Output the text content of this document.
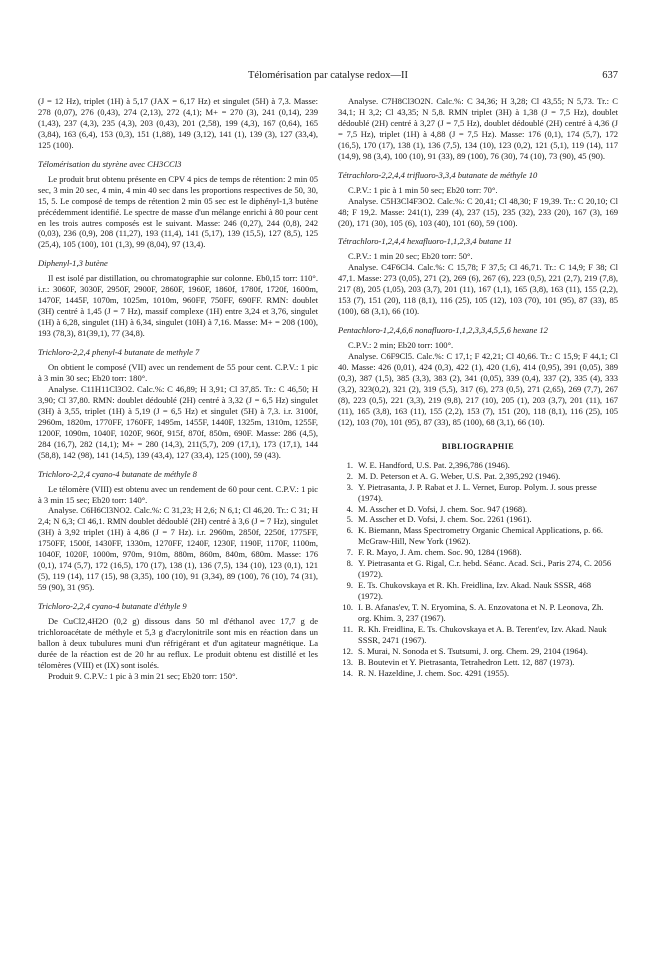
Télomérisation par catalyse redox—II	637

(J = 12 Hz), triplet (1H) à 5,17 (JAX = 6,17 Hz) et singulet (5H) à 7,3. Masse: 278 (0,07), 276 (0,43), 274 (2,13), 272 (4,1); M+ = 270 (3), 241 (0,14), 239 (1,43), 237 (4,3), 235 (4,3), 203 (0,43), 201 (2,58), 199 (4,3), 167 (0,64), 165 (3,84), 163 (6,4), 153 (0,3), 151 (1,88), 149 (3,12), 141 (1), 139 (3), 127 (33,4), 125 (100).

Télomérisation du styrène avec CH3CCl3

Le produit brut obtenu présente en CPV 4 pics de temps de rétention: 2 min 05 sec, 3 min 20 sec, 4 min, 4 min 40 sec dans les proportions respectives de 50, 30, 15, 5. Le composé de temps de rétention 2 min 05 sec est le diphényl-1,3 butène précédemment identifié. Le spectre de masse d'un mélange enrichi à 80 pour cent en les trois autres composés est le suivant. Masse: 246 (0,27), 244 (0,8), 242 (0,03), 236 (0,9), 208 (11,27), 193 (11,4), 141 (5,17), 139 (15,5), 127 (8,5), 125 (25,4), 105 (100), 101 (1,3), 99 (8,04), 97 (13,4).

Diphenyl-1,3 butène

Il est isolé par distillation, ou chromatographie sur colonne. Eb0,15 torr: 110°. i.r.: 3060F, 3030F, 2950F, 2900F, 2860F, 1960F, 1860f, 1780f, 1720f, 1600m, 1470F, 1445F, 1070m, 1025m, 1010m, 960FF, 750FF, 690FF. RMN: doublet (3H) centré à 1,45 (J = 7 Hz), massif complexe (1H) entre 3,24 et 3,76, singulet (1H) à 6,28, singulet (1H) à 6,34, singulet (10H) à 7,16. Masse: M+ = 208 (100), 193 (78,3), 81(39,1), 77 (34,8).

Trichloro-2,2,4 phenyl-4 butanate de methyle 7

On obtient le composé (VII) avec un rendement de 55 pour cent. C.P.V.: 1 pic à 3 min 30 sec; Eb20 torr: 180°.

Analyse. C11H11Cl3O2. Calc.%: C 46,89; H 3,91; Cl 37,85. Tr.: C 46,50; H 3,90; Cl 37,80. RMN: doublet dédoublé (2H) centré à 3,32 (J = 6,5 Hz) singulet (3H) à 3,55, triplet (1H) à 5,19 (J = 6,5 Hz) et singulet (5H) à 7,3. i.r. 3100f, 2960m, 1820m, 1770FF, 1760FF, 1495m, 1455F, 1440F, 1325m, 1310m, 1255F, 1200F, 1090m, 1040F, 1020F, 960f, 915f, 870f, 850m, 690F. Masse: 286 (4,5), 284 (16,7), 282 (14,1); M+ = 280 (14,3), 211(5,7), 209 (17,1), 173 (17,1), 144 (58,8), 142 (98), 141 (14,5), 139 (43,4), 127 (33,4), 125 (100), 59 (43).

Trichloro-2,2,4 cyano-4 butanate de méthyle 8

Le télomère (VIII) est obtenu avec un rendement de 60 pour cent. C.P.V.: 1 pic à 3 min 15 sec; Eb20 torr: 140°.

Analyse. C6H6Cl3NO2. Calc.%: C 31,23; H 2,6; N 6,1; Cl 46,20. Tr.: C 31; H 2,4; N 6,3; Cl 46,1. RMN doublet dédoublé (2H) centré à 3,6 (J = 7 Hz), singulet (3H) à 3,92 triplet (1H) à 4,86 (J = 7 Hz). i.r. 2960m, 2850f, 2250f, 1775FF, 1750FF, 1500f, 1430FF, 1330m, 1270FF, 1240F, 1230F, 1190F, 1170F, 1100m, 1040F, 1020F, 1000m, 970m, 910m, 880m, 860m, 840m, 680m. Masse: 176 (0,1), 174 (5,7), 172 (16,5), 170 (17), 138 (1), 136 (7,5), 134 (10), 123 (0,1), 121 (5), 119 (14), 117 (15), 98 (3,35), 100 (10), 91 (3,34), 89 (100), 76 (10), 74 (31), 59 (90), 31 (95).

Trichloro-2,2,4 cyano-4 butanate d'éthyle 9

De CuCl2,4H2O (0,2 g) dissous dans 50 ml d'éthanol avec 17,7 g de trichloroacétate de méthyle et 5,3 g d'acrylonitrile sont mis en réaction dans un ballon à deux tubulures muni d'un réfrigérant et d'un agitateur magnétique. La durée de la réaction est de 20 hr au reflux. Le produit obtenu est distillé et les télomères (VIII) et (IX) sont isolés.

Produit 9. C.P.V.: 1 pic à 3 min 21 sec; Eb20 torr: 150°.

Analyse. C7H8Cl3O2N. Calc.%: C 34,36; H 3,28; Cl 43,55; N 5,73. Tr.: C 34,1; H 3,2; Cl 43,35; N 5,8. RMN triplet (3H) à 1,38 (J = 7,5 Hz), doublet dédoublé (2H) centré à 3,27 (J = 7,5 Hz), doublet dédoublé (2H) centré à 4,36 (J = 7,5 Hz), triplet (1H) à 4,88 (J = 7,5 Hz). Masse: 176 (0,1), 174 (5,7), 172 (16,5), 170 (17), 138 (1), 136 (7,5), 134 (10), 123 (0,2), 121 (5,1), 119 (14), 117 (14,9), 98 (3,4), 100 (10), 91 (33), 89 (100), 76 (30), 74 (10), 73 (90), 45 (90).

Tétrachloro-2,2,4,4 trifluoro-3,3,4 butanate de méthyle 10

C.P.V.: 1 pic à 1 min 50 sec; Eb20 torr: 70°.

Analyse. C5H3Cl4F3O2. Calc.%: C 20,41; Cl 48,30; F 19,39. Tr.: C 20,10; Cl 48; F 19,2. Masse: 241(1), 239 (4), 237 (15), 235 (32), 233 (20), 167 (3), 169 (20), 171 (30), 105 (6), 103 (40), 101 (60), 59 (100).

Tétrachloro-1,2,4,4 hexafluoro-1,1,2,3,4 butane 11

C.P.V.: 1 min 20 sec; Eb20 torr: 50°.

Analyse. C4F6Cl4. Calc.%: C 15,78; F 37,5; Cl 46,71. Tr.: C 14,9; F 38; Cl 47,1. Masse: 273 (0,05), 271 (2), 269 (6), 267 (6), 223 (0,5), 221 (2,7), 219 (7,8), 217 (8), 205 (1,05), 203 (3,7), 201 (11), 167 (1,1), 165 (3,8), 163 (11), 155 (2,2), 153 (7), 151 (20), 118 (8,1), 116 (25), 105 (12), 103 (70), 101 (95), 87 (33), 85 (100), 68 (3,1), 66 (10).

Pentachloro-1,2,4,6,6 nonafluoro-1,1,2,3,3,4,5,5,6 hexane 12

C.P.V.: 2 min; Eb20 torr: 100°.

Analyse. C6F9Cl5. Calc.%: C 17,1; F 42,21; Cl 40,66. Tr.: C 15,9; F 44,1; Cl 40. Masse: 426 (0,01), 424 (0,3), 422 (1), 420 (1,6), 414 (0,95), 391 (0,05), 389 (0,3), 387 (1,5), 385 (3,3), 383 (2), 341 (0,05), 339 (0,4), 337 (2), 335 (4), 333 (3,2), 323(0,2), 321 (2), 319 (5,5), 317 (6), 273 (0,5), 271 (2,65), 269 (7,7), 267 (8), 223 (0,5), 221 (3,3), 219 (9,8), 217 (10), 205 (1), 203 (3,7), 201 (11), 167 (11), 165 (3,8), 163 (11), 155 (2,2), 153 (7), 151 (20), 118 (8,1), 116 (25), 105 (12), 103 (70), 101 (95), 87 (33), 85 (100), 68 (3,1), 66 (10).

BIBLIOGRAPHIE

1. W. E. Handford, U.S. Pat. 2,396,786 (1946).
2. M. D. Peterson et A. G. Weber, U.S. Pat. 2,395,292 (1946).
3. Y. Pietrasanta, J. P. Rabat et J. L. Vernet, Europ. Polym. J. sous presse (1974).
4. M. Asscher et D. Vofsi, J. chem. Soc. 947 (1968).
5. M. Asscher et D. Vofsi, J. chem. Soc. 2261 (1961).
6. K. Biemann, Mass Spectrometry Organic Chemical Applications, p. 66. McGraw-Hill, New York (1962).
7. F. R. Mayo, J. Am. chem. Soc. 90, 1284 (1968).
8. Y. Pietrasanta et G. Rigal, C.r. hebd. Séanc. Acad. Sci., Paris 274, C. 2056 (1972).
9. E. Ts. Chukovskaya et R. Kh. Freidlina, Izv. Akad. Nauk SSSR, 468 (1972).
10. I. B. Afanas'ev, T. N. Eryomina, S. A. Enzovatona et N. P. Leonova, Zh. org. Khim. 3, 237 (1967).
11. R. Kh. Freidlina, E. Ts. Chukovskaya et A. B. Terent'ev, Izv. Akad. Nauk SSSR, 2471 (1967).
12. S. Murai, N. Sonoda et S. Tsutsumi, J. org. Chem. 29, 2104 (1964).
13. B. Boutevin et Y. Pietrasanta, Tetrahedron Lett. 12, 887 (1973).
14. R. N. Hazeldine, J. chem. Soc. 4291 (1955).
